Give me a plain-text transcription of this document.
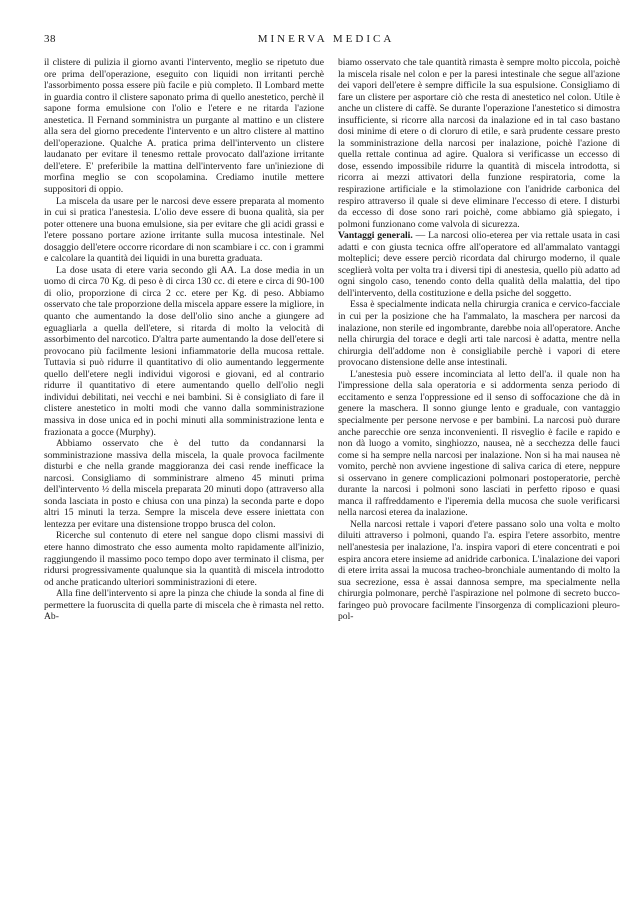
38	MINERVA MEDICA

il clistere di pulizia il giorno avanti l'intervento, meglio se ripetuto due ore prima dell'operazione, eseguito con liquidi non irritanti perchè l'assorbimento possa essere più facile e più completo. Il Lombard mette in guardia contro il clistere saponato prima di quello anestetico, perchè il sapone forma emulsione con l'olio e l'etere e ne ritarda l'azione anestetica. Il Fernand somministra un purgante al mattino e un clistere alla sera del giorno precedente l'intervento e un altro clistere al mattino dell'operazione. Qualche A. pratica prima dell'intervento un clistere laudanato per evitare il tenesmo rettale provocato dall'azione irritante dell'etere. E' preferibile la mattina dell'intervento fare un'iniezione di morfina meglio se con scopolamina. Crediamo inutile mettere suppositori di oppio.

La miscela da usare per le narcosi deve essere preparata al momento in cui si pratica l'anestesia. L'olio deve essere di buona qualità, sia per poter ottenere una buona emulsione, sia per evitare che gli acidi grassi e l'etere possano portare azione irritante sulla mucosa intestinale. Nel dosaggio dell'etere occorre ricordare di non scambiare i cc. con i grammi e calcolare la quantità dei liquidi in una buretta graduata.

La dose usata di etere varia secondo gli AA. La dose media in un uomo di circa 70 Kg. di peso è di circa 130 cc. di etere e circa di 90-100 di olio, proporzione di circa 2 cc. etere per Kg. di peso. Abbiamo osservato che tale proporzione della miscela appare essere la migliore, in quanto che aumentando la dose dell'olio sino anche a giungere ad eguagliarla a quella dell'etere, si ritarda di molto la velocità di assorbimento del narcotico. D'altra parte aumentando la dose dell'etere si provocano più facilmente lesioni infiammatorie della mucosa rettale. Tuttavia si può ridurre il quantitativo di olio aumentando leggermente quello dell'etere negli individui vigorosi e giovani, ed al contrario ridurre il quantitativo di etere aumentando quello dell'olio negli individui debilitati, nei vecchi e nei bambini. Si è consigliato di fare il clistere anestetico in molti modi che vanno dalla somministrazione massiva in dose unica ed in pochi minuti alla somministrazione lenta e frazionata a gocce (Murphy).

Abbiamo osservato che è del tutto da condannarsi la somministrazione massiva della miscela, la quale provoca facilmente disturbi e che nella grande maggioranza dei casi rende inefficace la narcosi. Consigliamo di somministrare almeno 45 minuti prima dell'intervento ½ della miscela preparata 20 minuti dopo (attraverso alla sonda lasciata in posto e chiusa con una pinza) la seconda parte e dopo altri 15 minuti la terza. Sempre la miscela deve essere iniettata con lentezza per evitare una distensione troppo brusca del colon.

Ricerche sul contenuto di etere nel sangue dopo clismi massivi di etere hanno dimostrato che esso aumenta molto rapidamente all'inizio, raggiungendo il massimo poco tempo dopo aver terminato il clisma, per ridursi progressivamente qualunque sia la quantità di miscela introdotto od anche praticando ulteriori somministrazioni di etere.

Alla fine dell'intervento si apre la pinza che chiude la sonda al fine di permettere la fuoruscita di quella parte di miscela che è rimasta nel retto. Ab-

biamo osservato che tale quantità rimasta è sempre molto piccola, poichè la miscela risale nel colon e per la paresi intestinale che segue all'azione dei vapori dell'etere è sempre difficile la sua espulsione. Consigliamo di fare un clistere per asportare ciò che resta di anestetico nel colon. Utile è anche un clistere di caffè. Se durante l'operazione l'anestetico si dimostra insufficiente, si ricorre alla narcosi da inalazione ed in tal caso bastano dosi minime di etere o di cloruro di etile, e sarà prudente cessare presto la somministrazione della narcosi per inalazione, poichè l'azione di quella rettale continua ad agire. Qualora si verificasse un eccesso di dose, essendo impossibile ridurre la quantità di miscela introdotta, si ricorra ai mezzi attivatori della funzione respiratoria, come la respirazione artificiale e la stimolazione con l'anidride carbonica del respiro attraverso il quale si deve eliminare l'eccesso di etere. I disturbi da eccesso di dose sono rari poichè, come abbiamo già spiegato, i polmoni funzionano come valvola di sicurezza.

Vantaggi generali. — La narcosi olio-eterea per via rettale usata in casi adatti e con giusta tecnica offre all'operatore ed all'ammalato vantaggi molteplici; deve essere perciò ricordata dal chirurgo moderno, il quale sceglierà volta per volta tra i diversi tipi di anestesia, quello più adatto ad ogni singolo caso, tenendo conto della qualità della malattia, del tipo dell'intervento, della costituzione e della psiche del soggetto.

Essa è specialmente indicata nella chirurgia cranica e cervico-facciale in cui per la posizione che ha l'ammalato, la maschera per narcosi da inalazione, non sterile ed ingombrante, darebbe noia all'operatore. Anche nella chirurgia del torace e degli arti tale narcosi è adatta, mentre nella chirurgia dell'addome non è consigliabile perchè i vapori di etere provocano distensione delle anse intestinali.

L'anestesia può essere incominciata al letto dell'a. il quale non ha l'impressione della sala operatoria e si addormenta senza periodo di eccitamento e senza l'oppressione ed il senso di soffocazione che dà in genere la maschera. Il sonno giunge lento e graduale, con vantaggio specialmente per persone nervose e per bambini. La narcosi può durare anche parecchie ore senza inconvenienti. Il risveglio è facile e rapido e non dà luogo a vomito, singhiozzo, nausea, nè a secchezza delle fauci come si ha sempre nella narcosi per inalazione. Non si ha mai nausea nè vomito, perchè non avviene ingestione di saliva carica di etere, neppure si osservano in genere complicazioni polmonari postoperatorie, perchè durante la narcosi i polmoni sono lasciati in perfetto riposo e quasi manca il raffreddamento e l'iperemia della mucosa che suole verificarsi nella narcosi eterea da inalazione.

Nella narcosi rettale i vapori d'etere passano solo una volta e molto diluiti attraverso i polmoni, quando l'a. espira l'etere assorbito, mentre nell'anestesia per inalazione, l'a. inspira vapori di etere concentrati e poi espira ancora etere insieme ad anidride carbonica. L'inalazione dei vapori di etere irrita assai la mucosa tracheo-bronchiale aumentando di molto la sua secrezione, essa è assai dannosa sempre, ma specialmente nella chirurgia polmonare, perchè l'aspirazione nel polmone di secreto bucco-faringeo può provocare facilmente l'insorgenza di complicazioni pleuro-pol-
